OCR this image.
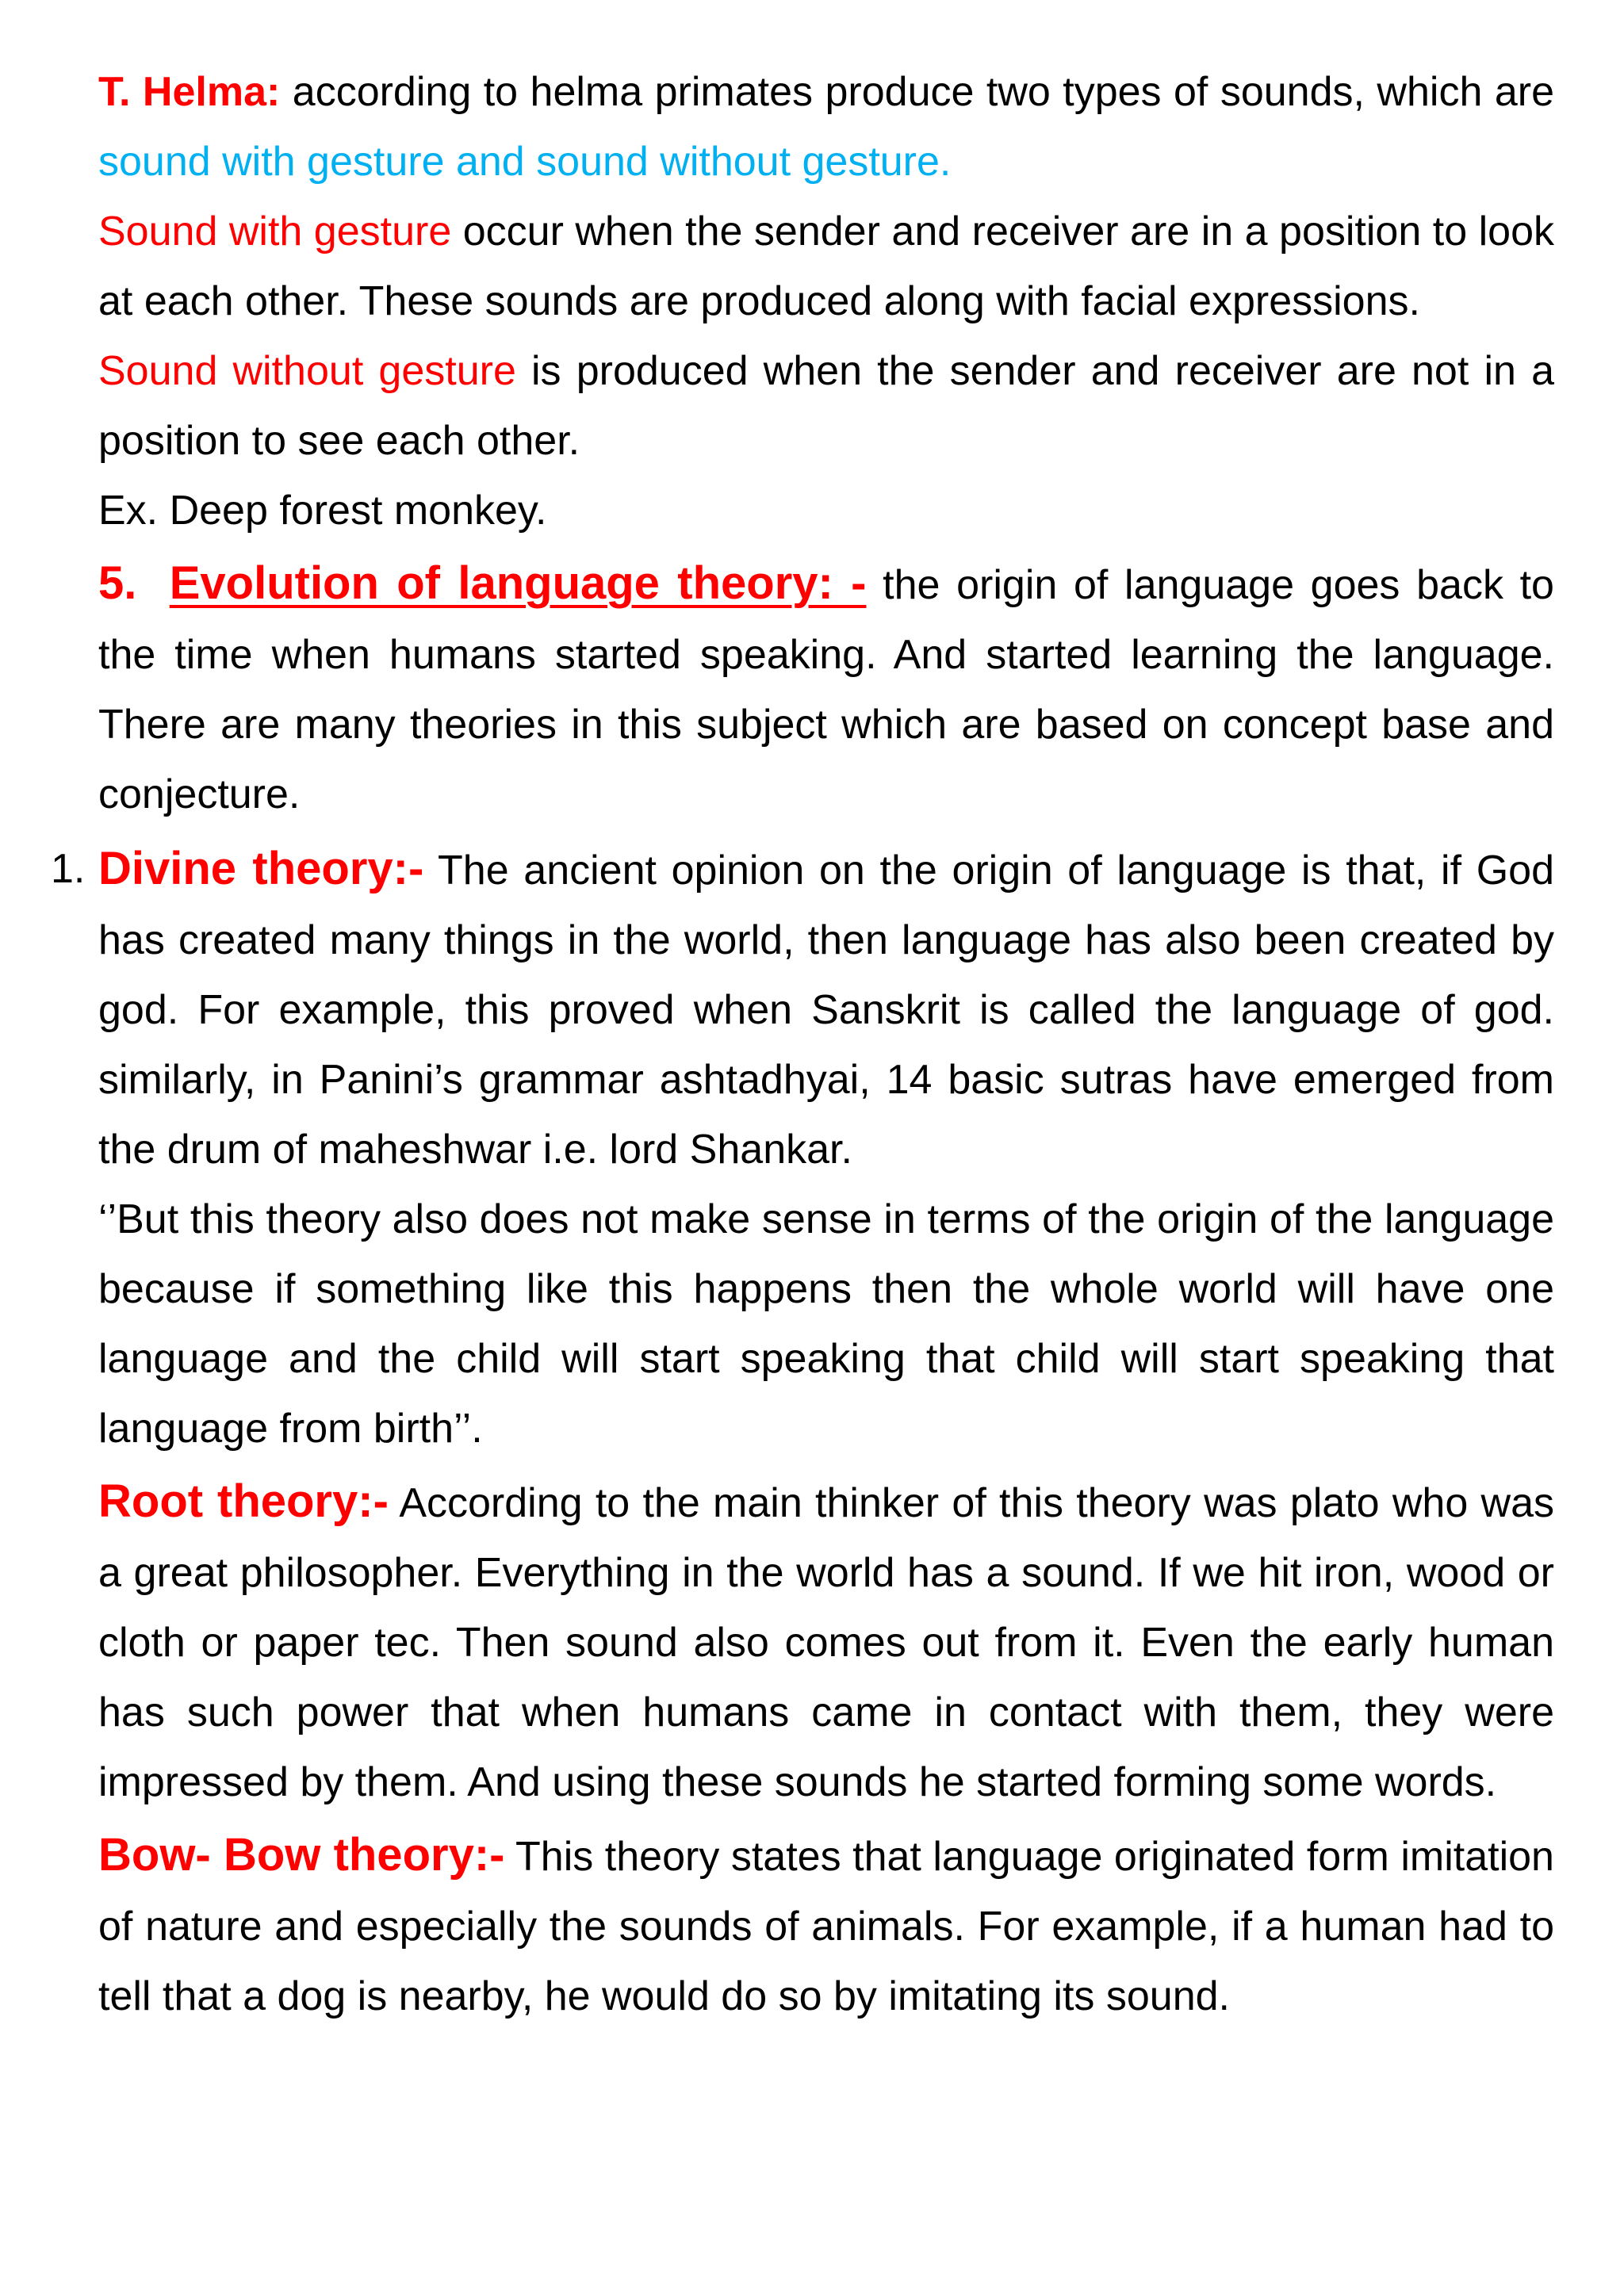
T. Helma: according to helma primates produce two types of sounds, which are sound with gesture and sound without gesture.

Sound with gesture occur when the sender and receiver are in a position to look at each other. These sounds are produced along with facial expressions.

Sound without gesture is produced when the sender and receiver are not in a position to see each other.

Ex. Deep forest monkey.

5. Evolution of language theory: - the origin of language goes back to the time when humans started speaking. And started learning the language. There are many theories in this subject which are based on concept base and conjecture.

1. Divine theory:- The ancient opinion on the origin of language is that, if God has created many things in the world, then language has also been created by god. For example, this proved when Sanskrit is called the language of god. similarly, in Panini’s grammar ashtadhyai, 14 basic sutras have emerged from the drum of maheshwar i.e. lord Shankar.

‘’But this theory also does not make sense in terms of the origin of the language because if something like this happens then the whole world will have one language and the child will start speaking that child will start speaking that language from birth’’.

Root theory:- According to the main thinker of this theory was plato who was a great philosopher. Everything in the world has a sound. If we hit iron, wood or cloth or paper tec. Then sound also comes out from it. Even the early human has such power that when humans came in contact with them, they were impressed by them. And using these sounds he started forming some words.

Bow- Bow theory:- This theory states that language originated form imitation of nature and especially the sounds of animals. For example, if a human had to tell that a dog is nearby, he would do so by imitating its sound.
